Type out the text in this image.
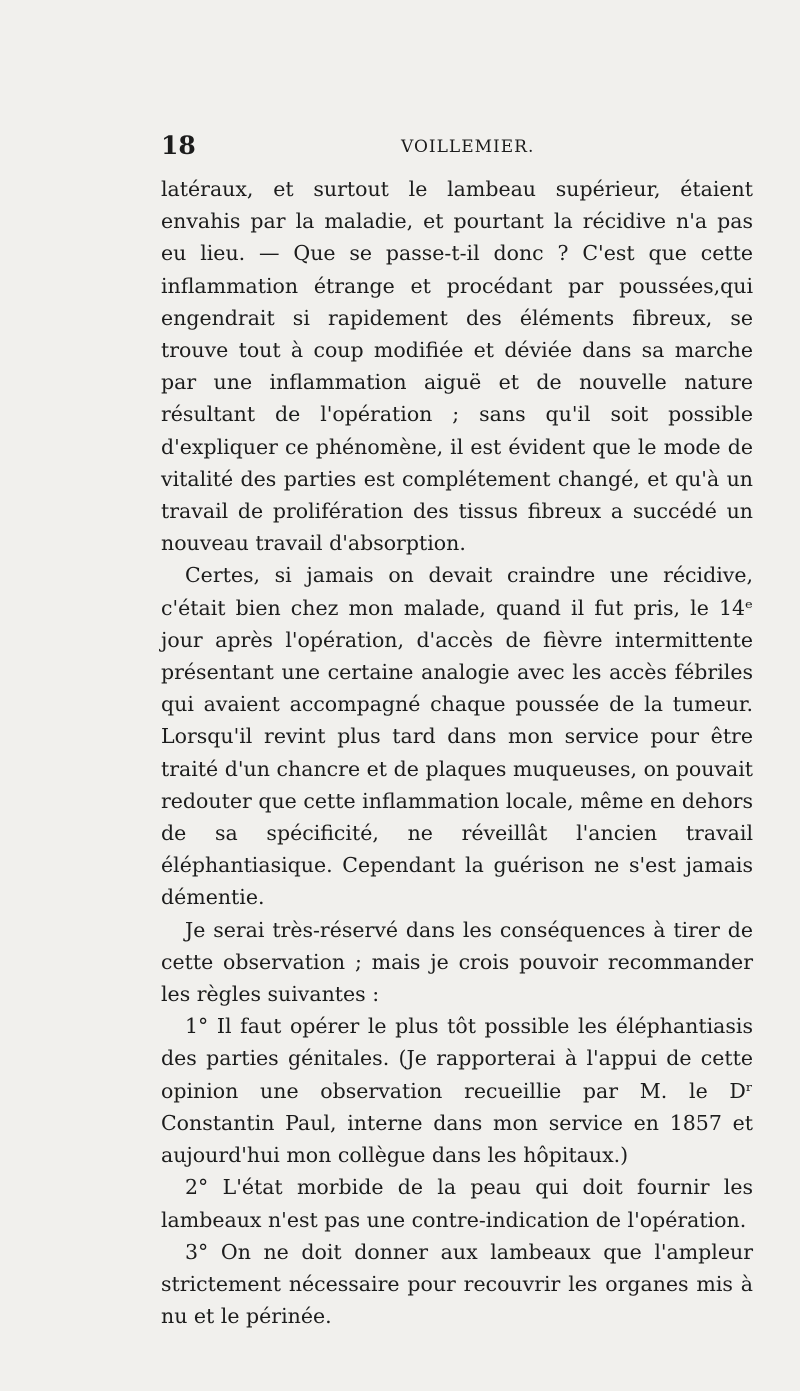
18	VOILLEMIER.

latéraux, et surtout le lambeau supérieur, étaient envahis par la maladie, et pourtant la récidive n'a pas eu lieu. — Que se passe-t-il donc ? C'est que cette inflammation étrange et procédant par poussées,qui engendrait si rapidement des éléments fibreux, se trouve tout à coup modifiée et déviée dans sa marche par une inflammation aiguë et de nouvelle nature résultant de l'opération ; sans qu'il soit possible d'expliquer ce phénomène, il est évident que le mode de vitalité des parties est complétement changé, et qu'à un travail de prolifération des tissus fibreux a succédé un nouveau travail d'absorption.

Certes, si jamais on devait craindre une récidive, c'était bien chez mon malade, quand il fut pris, le 14ᵉ jour après l'opération, d'accès de fièvre intermittente présentant une certaine analogie avec les accès fébriles qui avaient accompagné chaque poussée de la tumeur. Lorsqu'il revint plus tard dans mon service pour être traité d'un chancre et de plaques muqueuses, on pouvait redouter que cette inflammation locale, même en dehors de sa spécificité, ne réveillât l'ancien travail éléphantiasique. Cependant la guérison ne s'est jamais démentie.

Je serai très-réservé dans les conséquences à tirer de cette observation ; mais je crois pouvoir recommander les règles suivantes :

1° Il faut opérer le plus tôt possible les éléphantiasis des parties génitales. (Je rapporterai à l'appui de cette opinion une observation recueillie par M. le Dʳ Constantin Paul, interne dans mon service en 1857 et aujourd'hui mon collègue dans les hôpitaux.)

2° L'état morbide de la peau qui doit fournir les lambeaux n'est pas une contre-indication de l'opération.

3° On ne doit donner aux lambeaux que l'ampleur strictement nécessaire pour recouvrir les organes mis à nu et le périnée.
